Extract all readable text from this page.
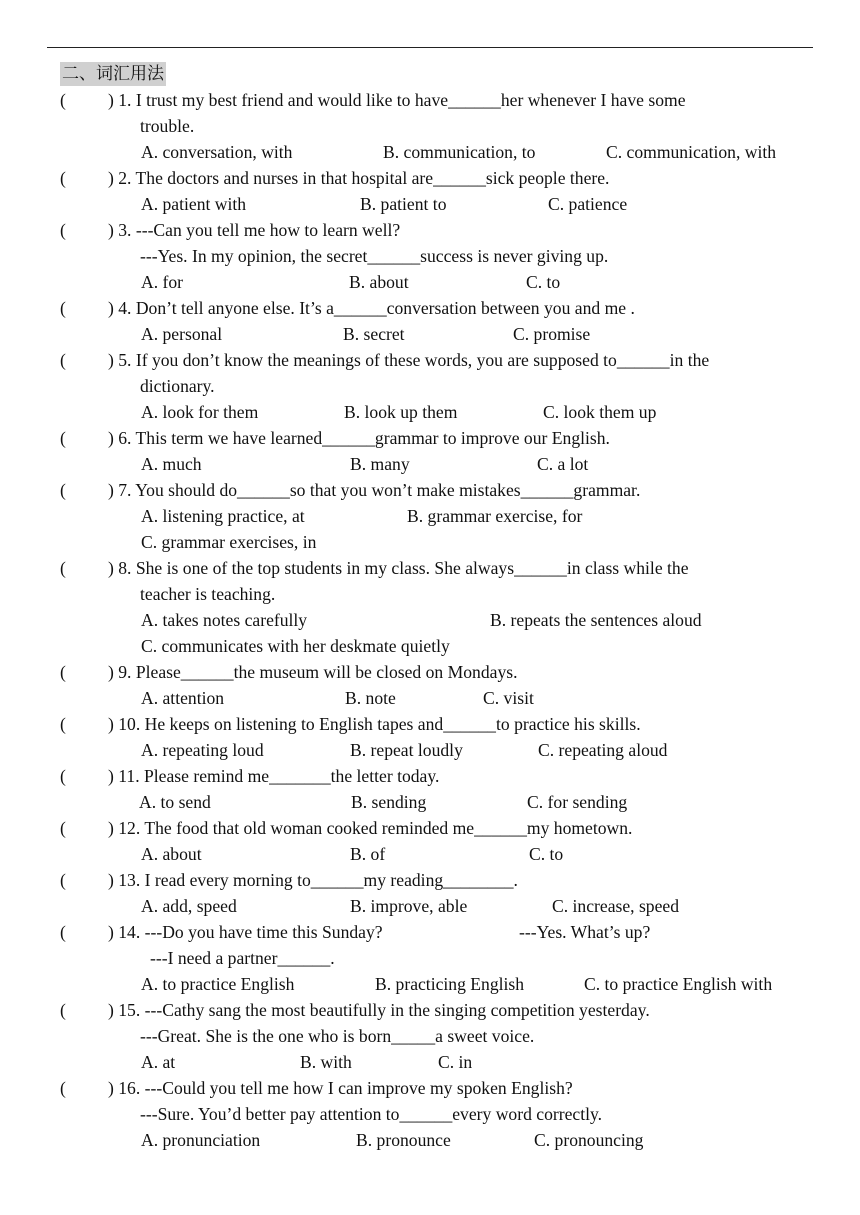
二、词汇用法
( ) 1. I trust my best friend and would like to have______her whenever I have some
trouble.
A. conversation, with	B. communication, to	C. communication, with
( ) 2. The doctors and nurses in that hospital are______sick people there.
A. patient with	B. patient to	C. patience
( ) 3. ---Can you tell me how to learn well?
---Yes. In my opinion, the secret______success is never giving up.
A. for	B. about	C. to
( ) 4. Don’t tell anyone else. It’s a______conversation between you and me .
A. personal	B. secret	C. promise
( ) 5. If you don’t know the meanings of these words, you are supposed to______in the
dictionary.
A. look for them	B. look up them	C. look them up
( ) 6. This term we have learned______grammar to improve our English.
A. much	B. many	C. a lot
( ) 7. You should do______so that you won’t make mistakes______grammar.
A. listening practice, at	B. grammar exercise, for
C. grammar exercises, in
( ) 8. She is one of the top students in my class. She always______in class while the
teacher is teaching.
A. takes notes carefully	B. repeats the sentences aloud
C. communicates with her deskmate quietly
( ) 9. Please______the museum will be closed on Mondays.
A. attention	B. note	C. visit
( ) 10. He keeps on listening to English tapes and______to practice his skills.
A. repeating loud	B. repeat loudly	C. repeating aloud
( ) 11. Please remind me_______the letter today.
A. to send	B. sending	C. for sending
( ) 12. The food that old woman cooked reminded me______my hometown.
A. about	B. of	C. to
( ) 13. I read every morning to______my reading________.
A. add, speed	B. improve, able	C. increase, speed
( ) 14. ---Do you have time this Sunday?	---Yes. What’s up?
---I need a partner______.
A. to practice English	B. practicing English	C. to practice English with
( ) 15. ---Cathy sang the most beautifully in the singing competition yesterday.
---Great. She is the one who is born_____a sweet voice.
A. at	B. with	C. in
( ) 16. ---Could you tell me how I can improve my spoken English?
---Sure. You’d better pay attention to______every word correctly.
A. pronunciation	B. pronounce	C. pronouncing
